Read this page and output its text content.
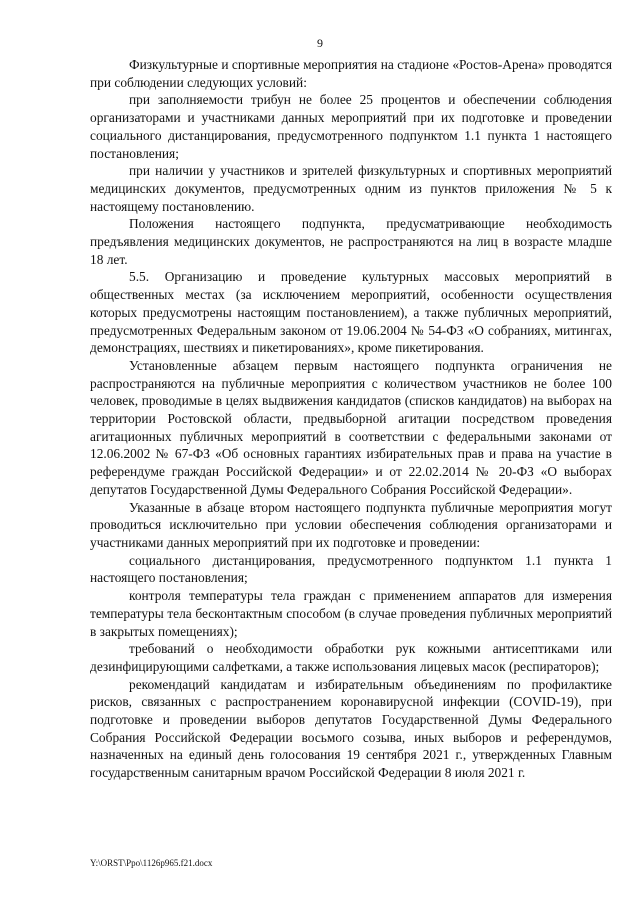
9

Физкультурные и спортивные мероприятия на стадионе «Ростов-Арена» проводятся при соблюдении следующих условий:

при заполняемости трибун не более 25 процентов и обеспечении соблюдения организаторами и участниками данных мероприятий при их подготовке и проведении социального дистанцирования, предусмотренного подпунктом 1.1 пункта 1 настоящего постановления;

при наличии у участников и зрителей физкультурных и спортивных мероприятий медицинских документов, предусмотренных одним из пунктов приложения № 5 к настоящему постановлению.

Положения настоящего подпункта, предусматривающие необходимость предъявления медицинских документов, не распространяются на лиц в возрасте младше 18 лет.

5.5. Организацию и проведение культурных массовых мероприятий в общественных местах (за исключением мероприятий, особенности осуществления которых предусмотрены настоящим постановлением), а также публичных мероприятий, предусмотренных Федеральным законом от 19.06.2004 № 54-ФЗ «О собраниях, митингах, демонстрациях, шествиях и пикетированиях», кроме пикетирования.

Установленные абзацем первым настоящего подпункта ограничения не распространяются на публичные мероприятия с количеством участников не более 100 человек, проводимые в целях выдвижения кандидатов (списков кандидатов) на выборах на территории Ростовской области, предвыборной агитации посредством проведения агитационных публичных мероприятий в соответствии с федеральными законами от 12.06.2002 № 67-ФЗ «Об основных гарантиях избирательных прав и права на участие в референдуме граждан Российской Федерации» и от 22.02.2014 № 20-ФЗ «О выборах депутатов Государственной Думы Федерального Собрания Российской Федерации».

Указанные в абзаце втором настоящего подпункта публичные мероприятия могут проводиться исключительно при условии обеспечения соблюдения организаторами и участниками данных мероприятий при их подготовке и проведении:

социального дистанцирования, предусмотренного подпунктом 1.1 пункта 1 настоящего постановления;

контроля температуры тела граждан с применением аппаратов для измерения температуры тела бесконтактным способом (в случае проведения публичных мероприятий в закрытых помещениях);

требований о необходимости обработки рук кожными антисептиками или дезинфицирующими салфетками, а также использования лицевых масок (респираторов);

рекомендаций кандидатам и избирательным объединениям по профилактике рисков, связанных с распространением коронавирусной инфекции (COVID-19), при подготовке и проведении выборов депутатов Государственной Думы Федерального Собрания Российской Федерации восьмого созыва, иных выборов и референдумов, назначенных на единый день голосования 19 сентября 2021 г., утвержденных Главным государственным санитарным врачом Российской Федерации 8 июля 2021 г.

Y:\ORST\Ppo\1126p965.f21.docx
